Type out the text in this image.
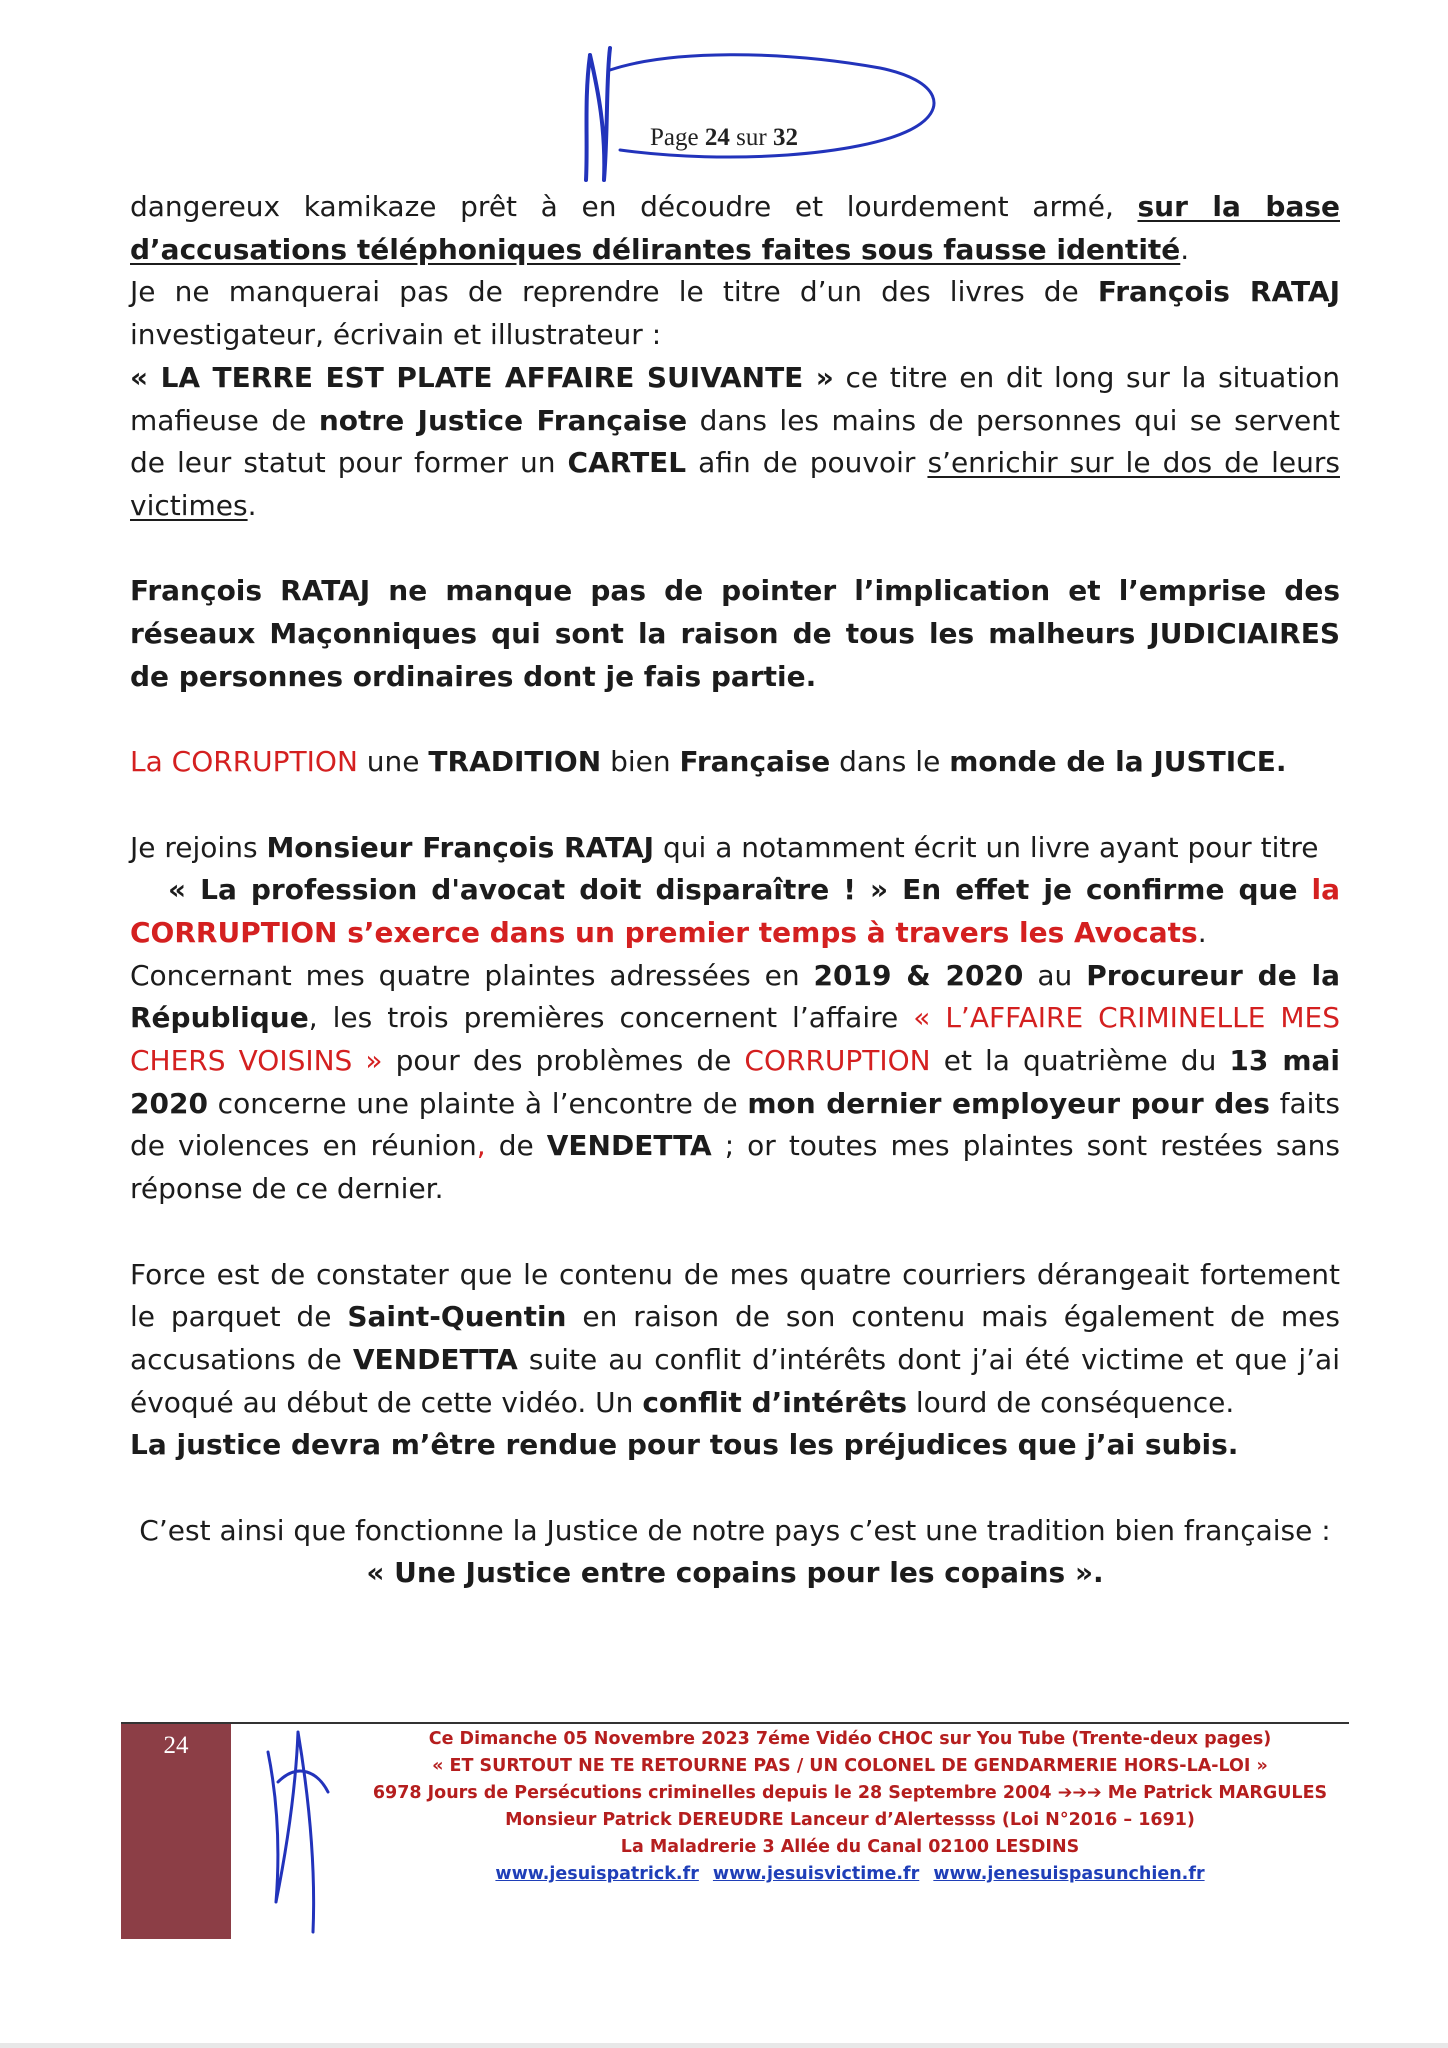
Page 24 sur 32

dangereux kamikaze prêt à en découdre et lourdement armé, sur la base d’accusations téléphoniques délirantes faites sous fausse identité.

Je ne manquerai pas de reprendre le titre d’un des livres de François RATAJ investigateur, écrivain et illustrateur :

« LA TERRE EST PLATE AFFAIRE SUIVANTE » ce titre en dit long sur la situation mafieuse de notre Justice Française dans les mains de personnes qui se servent de leur statut pour former un CARTEL afin de pouvoir s’enrichir sur le dos de leurs victimes.

François RATAJ ne manque pas de pointer l’implication et l’emprise des réseaux Maçonniques qui sont la raison de tous les malheurs JUDICIAIRES de personnes ordinaires dont je fais partie.

La CORRUPTION une TRADITION bien Française dans le monde de la JUSTICE.

Je rejoins Monsieur François RATAJ qui a notamment écrit un livre ayant pour titre

« La profession d'avocat doit disparaître ! » En effet je confirme que la CORRUPTION s’exerce dans un premier temps à travers les Avocats.

Concernant mes quatre plaintes adressées en 2019 & 2020 au Procureur de la République, les trois premières concernent l’affaire « L’AFFAIRE CRIMINELLE MES CHERS VOISINS » pour des problèmes de CORRUPTION et la quatrième du 13 mai 2020 concerne une plainte à l’encontre de mon dernier employeur pour des faits de violences en réunion, de VENDETTA ; or toutes mes plaintes sont restées sans réponse de ce dernier.

Force est de constater que le contenu de mes quatre courriers dérangeait fortement le parquet de Saint-Quentin en raison de son contenu mais également de mes accusations de VENDETTA suite au conflit d’intérêts dont j’ai été victime et que j’ai évoqué au début de cette vidéo. Un conflit d’intérêts lourd de conséquence.

La justice devra m’être rendue pour tous les préjudices que j’ai subis.

C’est ainsi que fonctionne la Justice de notre pays c’est une tradition bien française :

« Une Justice entre copains pour les copains ».

24	Ce Dimanche 05 Novembre 2023 7éme Vidéo CHOC sur You Tube (Trente-deux pages)
« ET SURTOUT NE TE RETOURNE PAS / UN COLONEL DE GENDARMERIE HORS-LA-LOI »
6978 Jours de Persécutions criminelles depuis le 28 Septembre 2004 ➔➔➔ Me Patrick MARGULES
Monsieur Patrick DEREUDRE Lanceur d’Alertessss (Loi N°2016 – 1691)
La Maladrerie 3 Allée du Canal 02100 LESDINS
www.jesuispatrick.fr www.jesuisvictime.fr www.jenesuispasunchien.fr
